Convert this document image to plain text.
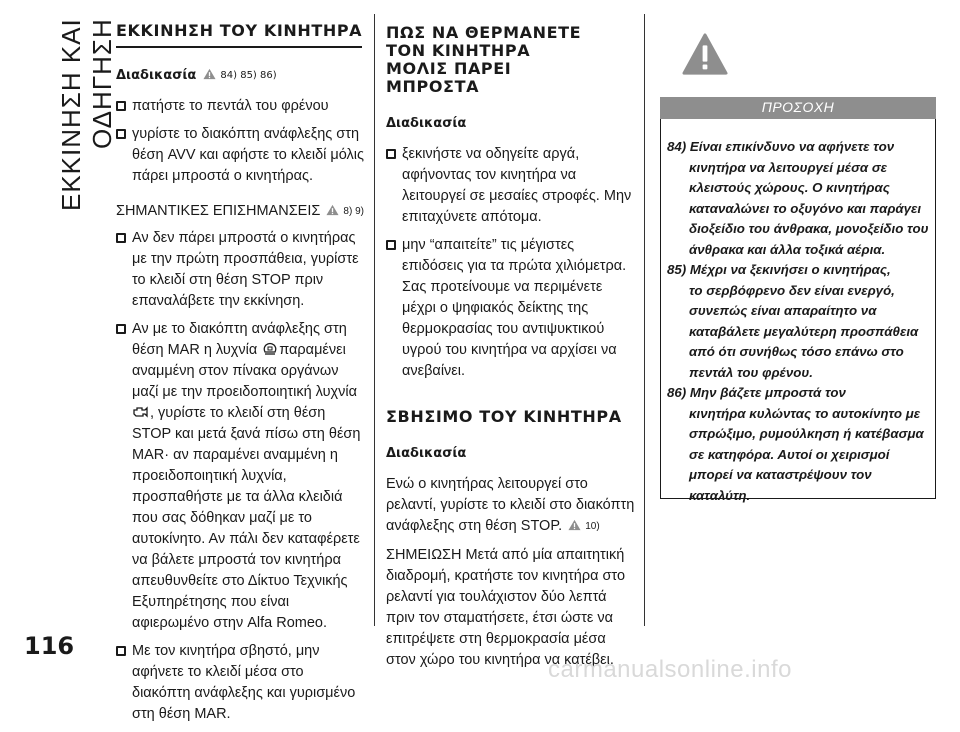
ΕΚΚΙΝΗΣΗ ΚΑΙ ΟΔΗΓΗΣΗ
116
ΕΚΚΙΝΗΣΗ ΤΟΥ ΚΙΝΗΤΗΡΑ
Διαδικασία 84) 85) 86)
πατήστε το πεντάλ του φρένου
γυρίστε το διακόπτη ανάφλεξης στη θέση AVV και αφήστε το κλειδί μόλις πάρει μπροστά ο κινητήρας.
ΣΗΜΑΝΤΙΚΕΣ ΕΠΙΣΗΜΑΝΣΕΙΣ 8) 9)
Αν δεν πάρει μπροστά ο κινητήρας με την πρώτη προσπάθεια, γυρίστε το κλειδί στη θέση STOP πριν επαναλάβετε την εκκίνηση.
Αν με το διακόπτη ανάφλεξης στη θέση MAR η λυχνία παραμένει αναμμένη στον πίνακα οργάνων μαζί με την προειδοποιητική λυχνία , γυρίστε το κλειδί στη θέση STOP και μετά ξανά πίσω στη θέση MAR· αν παραμένει αναμμένη η προειδοποιητική λυχνία, προσπαθήστε με τα άλλα κλειδιά που σας δόθηκαν μαζί με το αυτοκίνητο. Αν πάλι δεν καταφέρετε να βάλετε μπροστά τον κινητήρα απευθυνθείτε στο Δίκτυο Τεχνικής Εξυπηρέτησης που είναι αφιερωμένο στην Alfa Romeo.
Με τον κινητήρα σβηστό, μην αφήνετε το κλειδί μέσα στο διακόπτη ανάφλεξης και γυρισμένο στη θέση MAR.
ΠΩΣ ΝΑ ΘΕΡΜΑΝΕΤΕ ΤΟΝ ΚΙΝΗΤΗΡΑ ΜΟΛΙΣ ΠΑΡΕΙ ΜΠΡΟΣΤΑ
Διαδικασία
ξεκινήστε να οδηγείτε αργά, αφήνοντας τον κινητήρα να λειτουργεί σε μεσαίες στροφές. Μην επιταχύνετε απότομα.
μην “απαιτείτε” τις μέγιστες επιδόσεις για τα πρώτα χιλιόμετρα. Σας προτείνουμε να περιμένετε μέχρι ο ψηφιακός δείκτης της θερμοκρασίας του αντιψυκτικού υγρού του κινητήρα να αρχίσει να ανεβαίνει.
ΣΒΗΣΙΜΟ ΤΟΥ ΚΙΝΗΤΗΡΑ
Διαδικασία
Ενώ ο κινητήρας λειτουργεί στο ρελαντί, γυρίστε το κλειδί στο διακόπτη ανάφλεξης στη θέση STOP. 10)
ΣΗΜΕΙΩΣΗ Μετά από μία απαιτητική διαδρομή, κρατήστε τον κινητήρα στο ρελαντί για τουλάχιστον δύο λεπτά πριν τον σταματήσετε, έτσι ώστε να επιτρέψετε στη θερμοκρασία μέσα στον χώρο του κινητήρα να κατέβει.
ΠΡΟΣΟΧΗ
84) Είναι επικίνδυνο να αφήνετε τον
κινητήρα να λειτουργεί μέσα σε κλειστούς χώρους. Ο κινητήρας καταναλώνει το οξυγόνο και παράγει διοξείδιο του άνθρακα, μονοξείδιο του άνθρακα και άλλα τοξικά αέρια.
85) Μέχρι να ξεκινήσει ο κινητήρας,
το σερβόφρενο δεν είναι ενεργό, συνεπώς είναι απαραίτητο να καταβάλετε μεγαλύτερη προσπάθεια από ότι συνήθως τόσο επάνω στο πεντάλ του φρένου.
86) Μην βάζετε μπροστά τον
κινητήρα κυλώντας το αυτοκίνητο με σπρώξιμο, ρυμούλκηση ή κατέβασμα σε κατηφόρα. Αυτοί οι χειρισμοί μπορεί να καταστρέψουν τον καταλύτη.
carmanualsonline.info
